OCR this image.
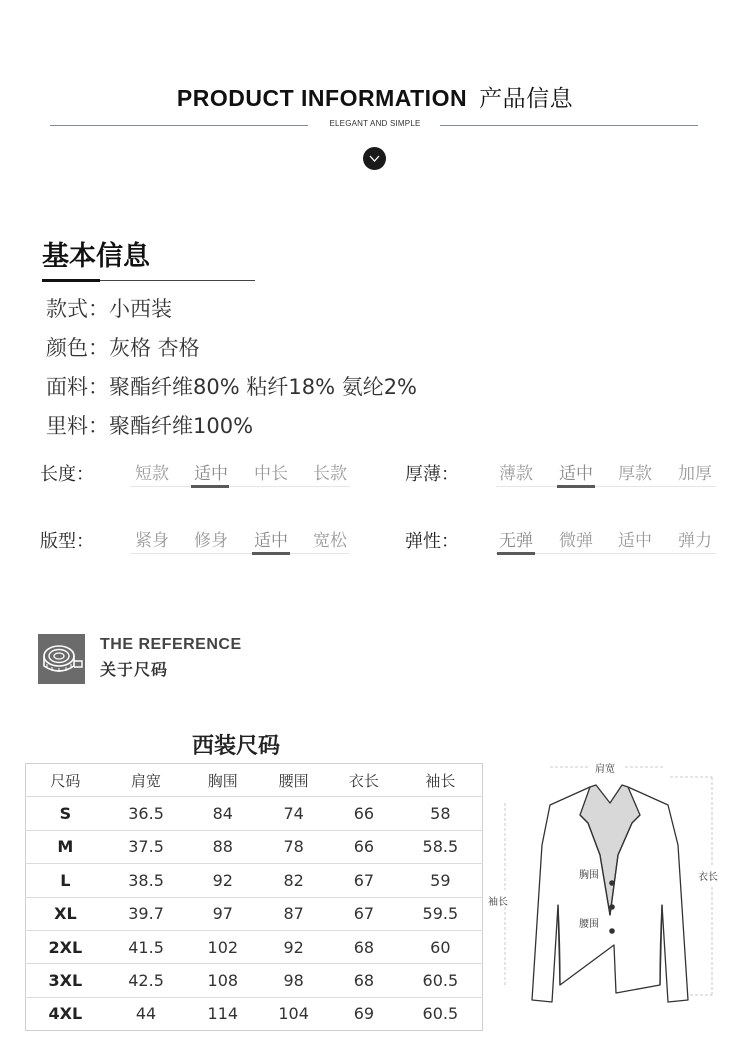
PRODUCT INFORMATION 产品信息
ELEGANT AND SIMPLE
基本信息
款式：小西装
颜色：灰格 杏格
面料：聚酯纤维80% 粘纤18% 氨纶2%
里料：聚酯纤维100%
长度： 短款 适中 中长 长款	厚薄： 薄款 适中 厚款 加厚
版型： 紧身 修身 适中 宽松	弹性： 无弹 微弹 适中 弹力
THE REFERENCE
关于尺码
西装尺码
尺码	肩宽	胸围	腰围	衣长	袖长
S	36.5	84	74	66	58
M	37.5	88	78	66	58.5
L	38.5	92	82	67	59
XL	39.7	97	87	67	59.5
2XL	41.5	102	92	68	60
3XL	42.5	108	98	68	60.5
4XL	44	114	104	69	60.5
肩宽
衣长
袖长
胸围
腰围
